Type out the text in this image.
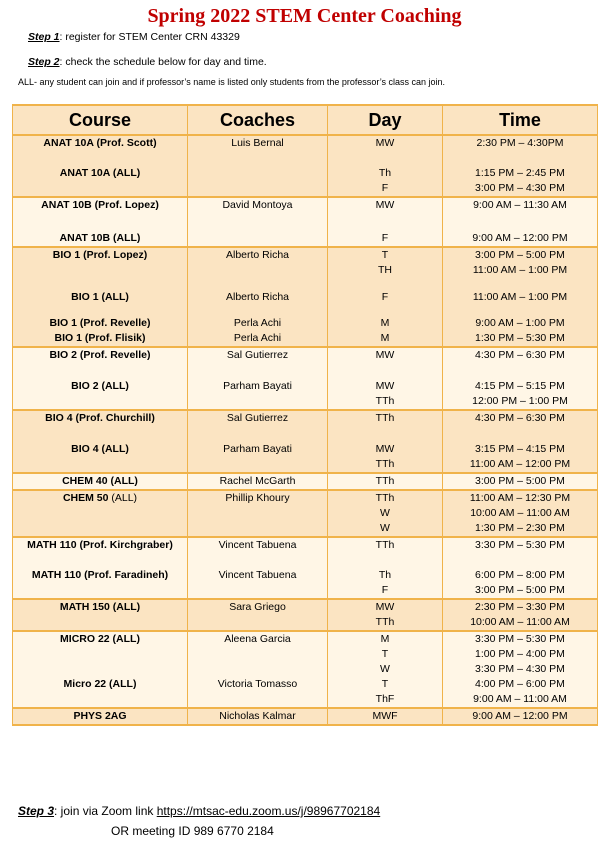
Spring 2022 STEM Center Coaching
Step 1: register for STEM Center CRN 43329
Step 2: check the schedule below for day and time.
ALL- any student can join and if professor’s name is listed only students from the professor’s class can join.
Course	Coaches	Day	Time
ANAT 10A (Prof. Scott)	Luis Bernal	MW	2:30 PM – 4:30PM
ANAT 10A (ALL)		Th	1:15 PM – 2:45 PM
		F	3:00 PM – 4:30 PM
ANAT 10B (Prof. Lopez)	David Montoya	MW	9:00 AM – 11:30 AM
ANAT 10B (ALL)		F	9:00 AM – 12:00 PM
BIO 1 (Prof. Lopez)	Alberto Richa	T	3:00 PM – 5:00 PM
		TH	11:00 AM – 1:00 PM
BIO 1 (ALL)	Alberto Richa	F	11:00 AM – 1:00 PM
BIO 1 (Prof. Revelle)	Perla Achi	M	9:00 AM – 1:00 PM
BIO 1 (Prof. Flisik)	Perla Achi	M	1:30 PM – 5:30 PM
BIO 2 (Prof. Revelle)	Sal Gutierrez	MW	4:30 PM – 6:30 PM
BIO 2 (ALL)	Parham Bayati	MW	4:15 PM – 5:15 PM
		TTh	12:00 PM – 1:00 PM
BIO 4 (Prof. Churchill)	Sal Gutierrez	TTh	4:30 PM – 6:30 PM
BIO 4 (ALL)	Parham Bayati	MW	3:15 PM – 4:15 PM
		TTh	11:00 AM – 12:00 PM
CHEM 40 (ALL)	Rachel McGarth	TTh	3:00 PM – 5:00 PM
CHEM 50 (ALL)	Phillip Khoury	TTh	11:00 AM – 12:30 PM
		W	10:00 AM – 11:00 AM
		W	1:30 PM – 2:30 PM
MATH 110 (Prof. Kirchgraber)	Vincent Tabuena	TTh	3:30 PM – 5:30 PM
MATH 110 (Prof. Faradineh)	Vincent Tabuena	Th	6:00 PM – 8:00 PM
		F	3:00 PM – 5:00 PM
MATH 150 (ALL)	Sara Griego	MW	2:30 PM – 3:30 PM
		TTh	10:00 AM – 11:00 AM
MICRO 22 (ALL)	Aleena Garcia	M	3:30 PM – 5:30 PM
		T	1:00 PM – 4:00 PM
		W	3:30 PM – 4:30 PM
Micro 22 (ALL)	Victoria Tomasso	T	4:00 PM – 6:00 PM
		ThF	9:00 AM – 11:00 AM
PHYS 2AG	Nicholas Kalmar	MWF	9:00 AM – 12:00 PM
Step 3: join via Zoom link https://mtsac-edu.zoom.us/j/98967702184
OR meeting ID 989 6770 2184
